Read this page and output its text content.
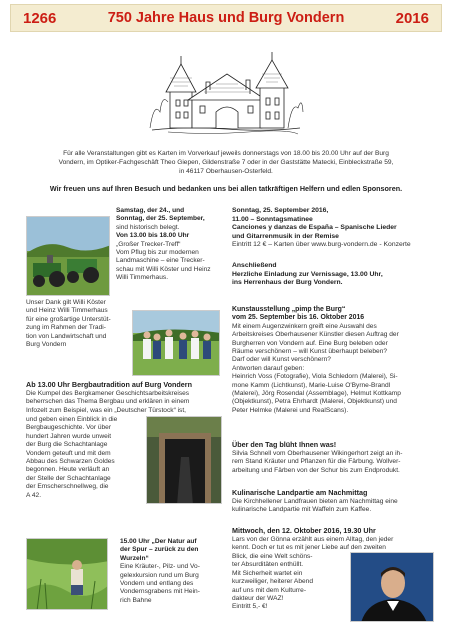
1266	750 Jahre Haus und Burg Vondern	2016
Für alle Veranstaltungen gibt es Karten im Vorverkauf jeweils donnerstags von 18.00 bis 20.00 Uhr auf der Burg
Vondern, im Optiker-Fachgeschäft Theo Giepen, Gildenstraße 7 oder in der Gaststätte Matecki, Einbleckstraße 59,
in 46117 Oberhausen-Osterfeld.
Wir freuen uns auf Ihren Besuch und bedanken uns bei allen tatkräftigen Helfern und edlen Sponsoren.
Samstag, der 24., und
Sonntag, der 25. September,
sind historisch belegt.
Von 13.00 bis 18.00 Uhr
„Großer Trecker-Treff“
Vom Pflug bis zur modernen
Landmaschine – eine Trecker-
schau mit Willi Köster und Heinz
Willi Timmerhaus.
Unser Dank gilt Willi Köster
und Heinz Willi Timmerhaus
für eine großartige Unterstüt-
zung im Rahmen der Tradi-
tion von Landwirtschaft und
Burg Vondern
Ab 13.00 Uhr Bergbautradition auf Burg Vondern
Die Kumpel des Bergkamener Geschichtsarbeitskreises
beherrschen das Thema Bergbau und erklären in einem
Infozelt zum Beispiel, was ein „Deutscher Türstock“ ist,
und geben einen Einblick in die
Bergbaugeschichte. Vor über
hundert Jahren wurde unweit
der Burg die Schachtanlage
Vondern geteuft und mit dem
Abbau des Schwarzen Goldes
begonnen. Heute verläuft an
der Stelle der Schachtanlage
der Emscherschnellweg, die
A 42.
15.00 Uhr „Der Natur auf
der Spur – zurück zu den
Wurzeln“
Eine Kräuter-, Pilz- und Vo-
gelexkursion rund um Burg
Vondern und entlang des
Vondernsgrabens mit Hein-
rich Bahne
Sonntag, 25. September 2016,
11.00 – Sonntagsmatinee
Canciones y danzas de España – Spanische Lieder
und Gitarrenmusik in der Remise
Eintritt 12 € – Karten über www.burg-vondern.de - Konzerte
Anschließend
Herzliche Einladung zur Vernissage, 13.00 Uhr,
ins Herrenhaus der Burg Vondern.
Kunstausstellung „pimp the Burg“
vom 25. September bis 16. Oktober 2016
Mit einem Augenzwinkern greift eine Auswahl des
Arbeitskreises Oberhausener Künstler diesen Auftrag der
Burgherren von Vondern auf. Eine Burg beleben oder
Räume verschönern – will Kunst überhaupt beleben?
Darf oder will Kunst verschönern?
Antworten darauf geben:
Heinrich Voss (Fotografie), Viola Schledorn (Malerei), Si-
mone Kamm (Lichtkunst), Marie-Luise O'Byrne-Brandl
(Malerei), Jörg Rosendal (Assemblage), Helmut Kottkamp
(Objektkunst), Petra Ehrhardt (Malerei, Objektkunst) und
Peter Helmke (Malerei und RealScans).
Über den Tag blüht Ihnen was!
Silvia Schnell vom Oberhausener Wikingerhort zeigt an ih-
rem Stand Kräuter und Pflanzen für die Färbung. Wollver-
arbeitung und Färben von der Schur bis zum Endprodukt.
Kulinarische Landpartie am Nachmittag
Die Kirchhellener Landfrauen bieten am Nachmittag eine
kulinarische Landpartie mit Waffeln zum Kaffee.
Mittwoch, den 12. Oktober 2016, 19.30 Uhr
Lars von der Gönna erzählt aus einem Alltag, den jeder
kennt. Doch er tut es mit jener Liebe auf den zweiten
Blick, die eine Welt schöns-
ter Absurditäten enthüllt.
Mit Sicherheit wartet ein
kurzweiliger, heiterer Abend
auf uns mit dem Kulturre-
dakteur der WAZ!
Eintritt 5,- €!
